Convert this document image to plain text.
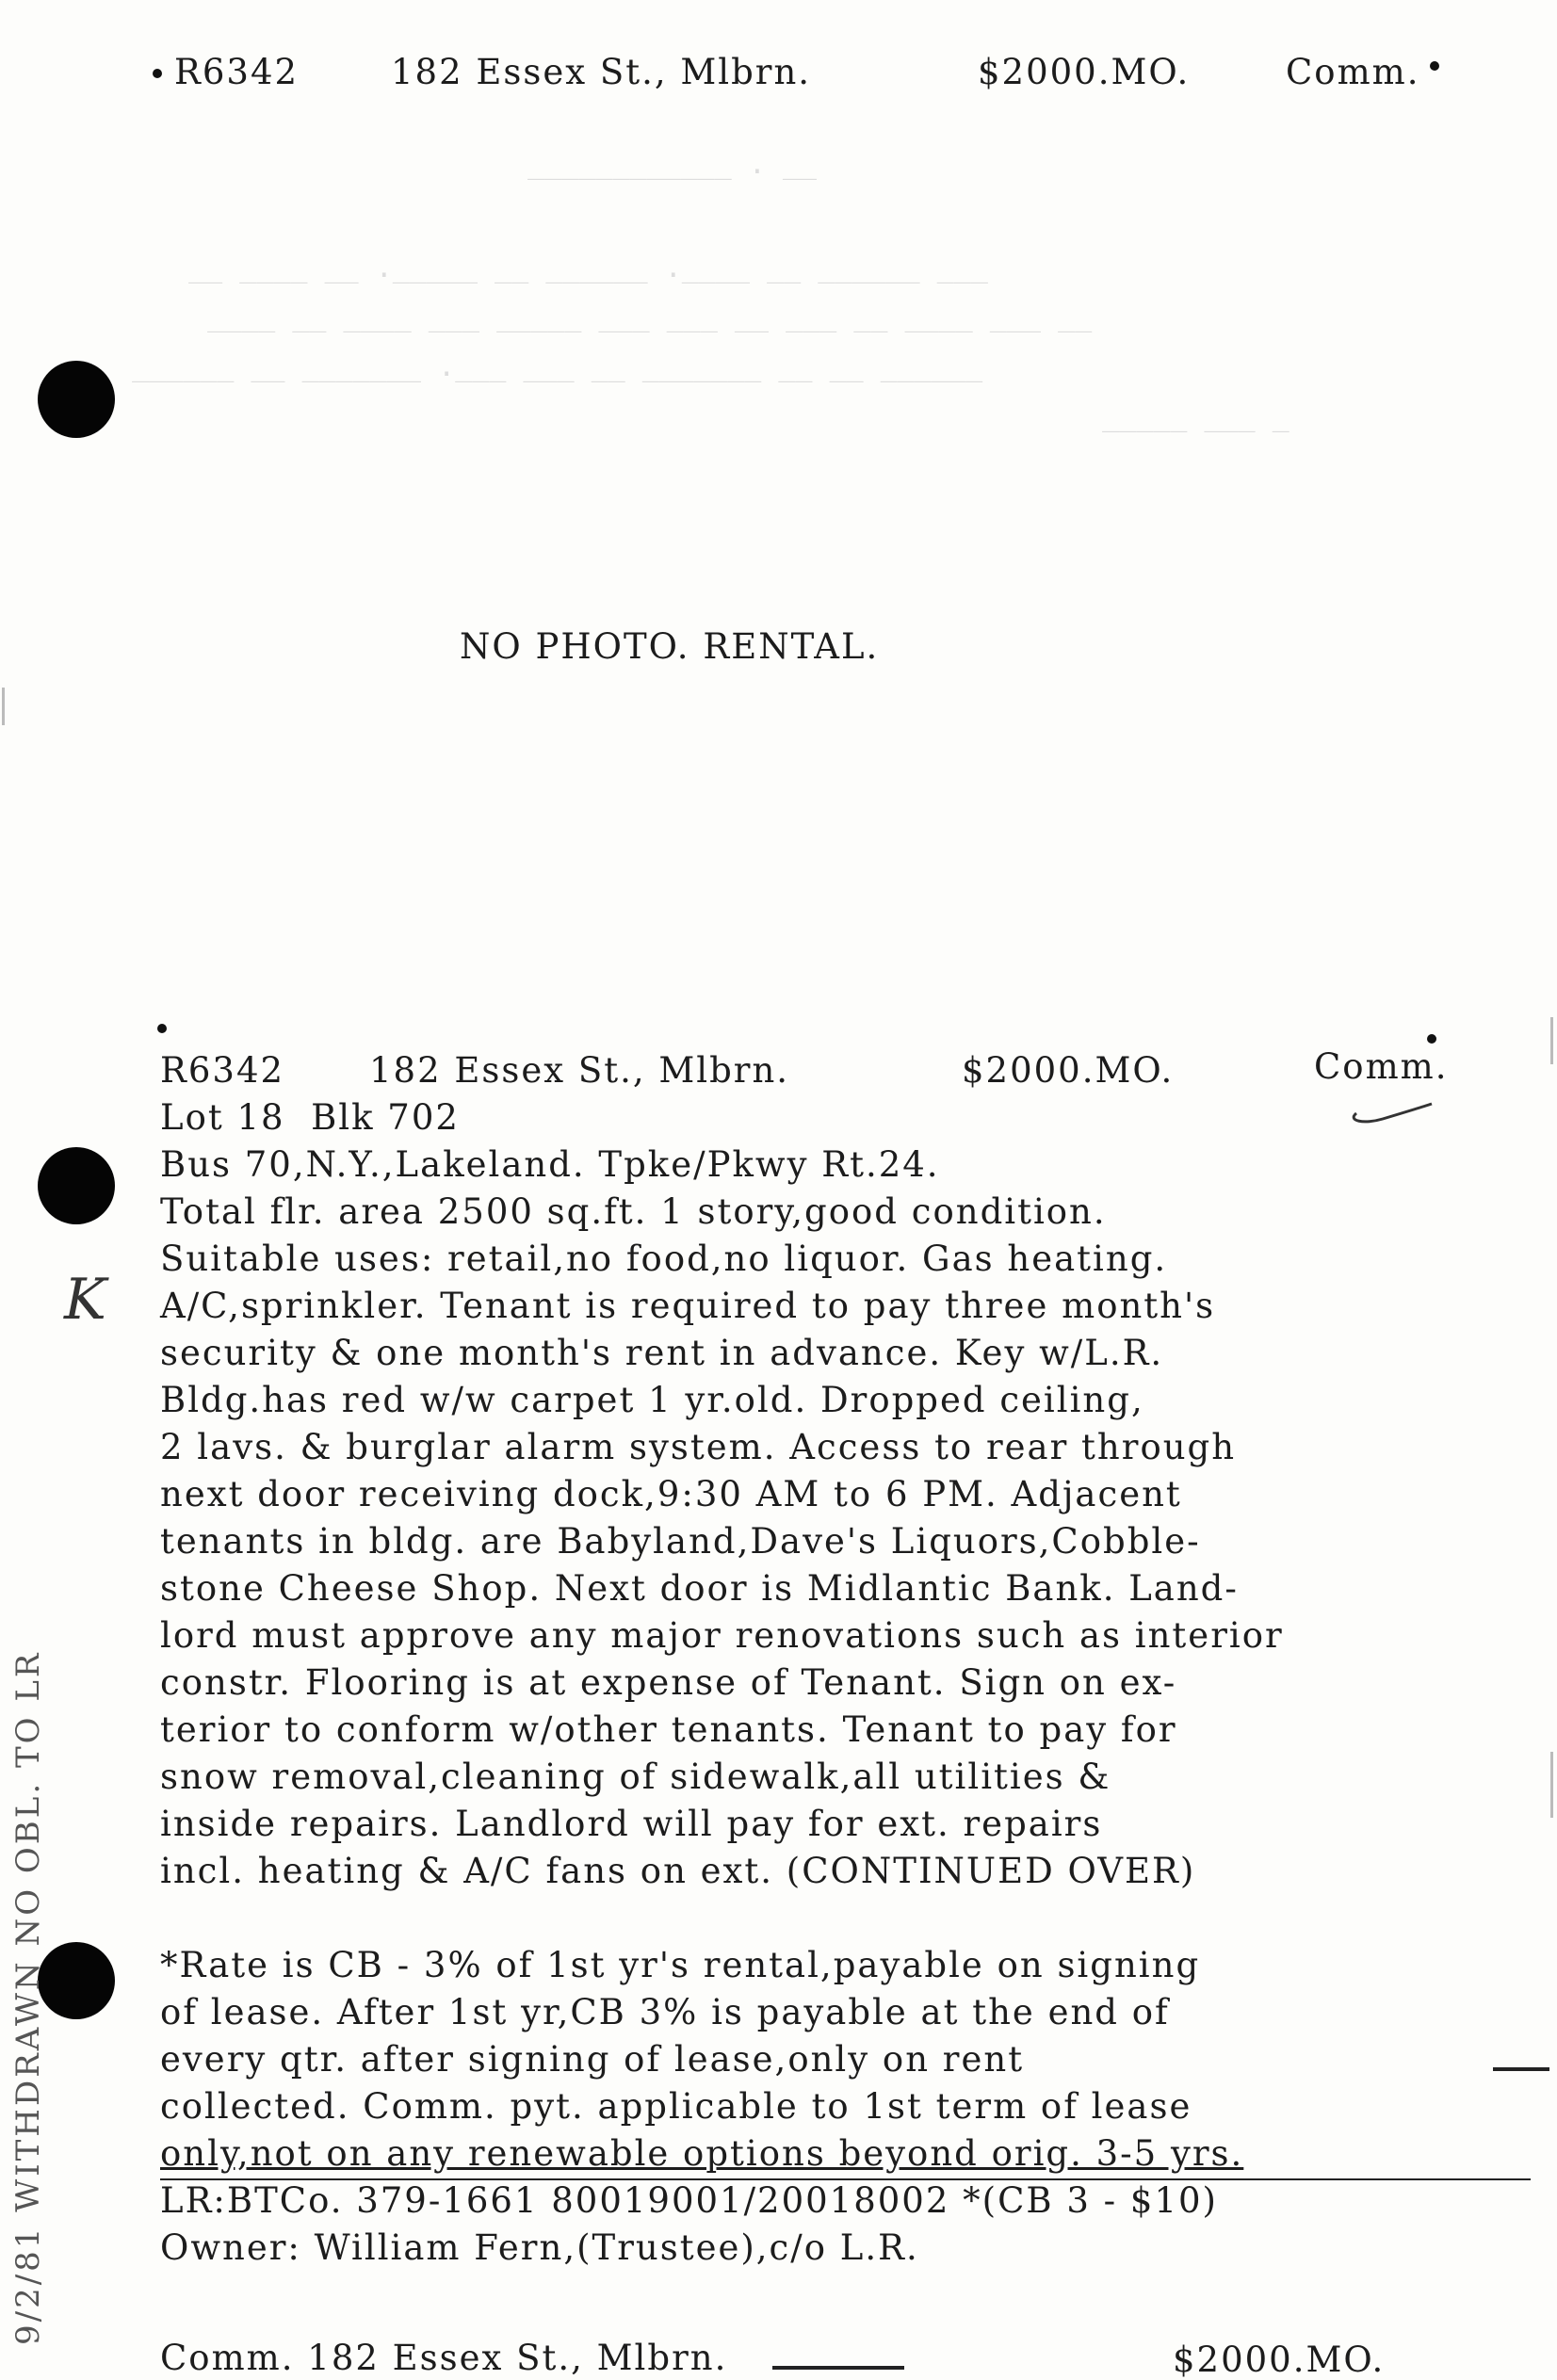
__ . ____________
___ ______ __ ____. ______ __ _____. __ ____ __
__ ___ ____ __ ___ __ ___ ___ _____ ___ ____ __ ____
______ __ __ _______ __ ___ ___. _______ __ ______
_ ___ _____
R6342	182 Essex St., Mlbrn.	$2000.MO.	Comm.
NO PHOTO. RENTAL.
R6342 182 Essex St., Mlbrn.	$2000.MO.	Comm.
Lot 18  Blk 702
Bus 70,N.Y.,Lakeland. Tpke/Pkwy Rt.24.
Total flr. area 2500 sq.ft. 1 story,good condition.
Suitable uses: retail,no food,no liquor. Gas heating.
A/C,sprinkler. Tenant is required to pay three month's
security & one month's rent in advance. Key w/L.R.
Bldg.has red w/w carpet 1 yr.old. Dropped ceiling,
2 lavs. & burglar alarm system. Access to rear through
next door receiving dock,9:30 AM to 6 PM. Adjacent
tenants in bldg. are Babyland,Dave's Liquors,Cobble-
stone Cheese Shop. Next door is Midlantic Bank. Land-
lord must approve any major renovations such as interior
constr. Flooring is at expense of Tenant. Sign on ex-
terior to conform w/other tenants. Tenant to pay for
snow removal,cleaning of sidewalk,all utilities &
inside repairs. Landlord will pay for ext. repairs
incl. heating & A/C fans on ext. (CONTINUED OVER)
*Rate is CB - 3% of 1st yr's rental,payable on signing
of lease. After 1st yr,CB 3% is payable at the end of
every qtr. after signing of lease,only on rent
collected. Comm. pyt. applicable to 1st term of lease
only,not on any renewable options beyond orig. 3-5 yrs.
LR:BTCo. 379-1661 80019001/20018002 *(CB 3 - $10)
Owner: William Fern,(Trustee),c/o L.R.
Comm. 182 Essex St., Mlbrn.	$2000.MO.
9/2/81 WITHDRAWN NO OBL. TO LR
K
